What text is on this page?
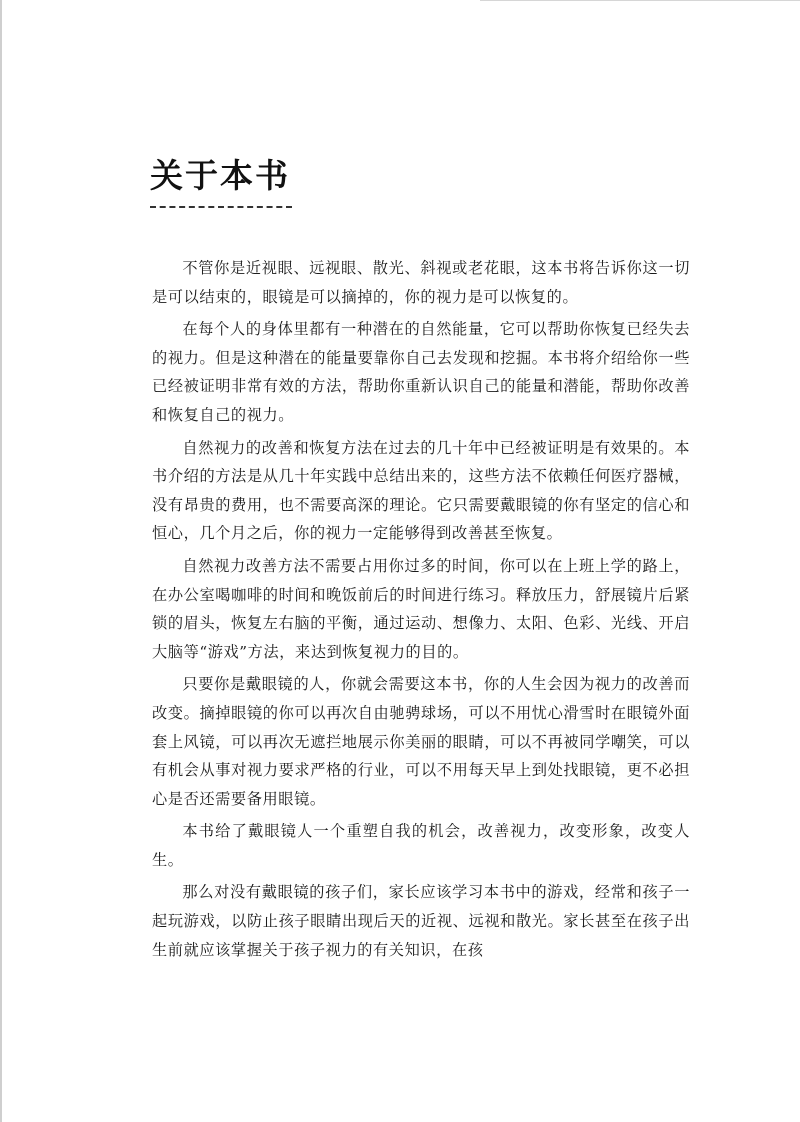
关于本书

不管你是近视眼、远视眼、散光、斜视或老花眼，这本书将告诉你这一切是可以结束的，眼镜是可以摘掉的，你的视力是可以恢复的。

在每个人的身体里都有一种潜在的自然能量，它可以帮助你恢复已经失去的视力。但是这种潜在的能量要靠你自己去发现和挖掘。本书将介绍给你一些已经被证明非常有效的方法，帮助你重新认识自己的能量和潜能，帮助你改善和恢复自己的视力。

自然视力的改善和恢复方法在过去的几十年中已经被证明是有效果的。本书介绍的方法是从几十年实践中总结出来的，这些方法不依赖任何医疗器械，没有昂贵的费用，也不需要高深的理论。它只需要戴眼镜的你有坚定的信心和恒心，几个月之后，你的视力一定能够得到改善甚至恢复。

自然视力改善方法不需要占用你过多的时间，你可以在上班上学的路上，在办公室喝咖啡的时间和晚饭前后的时间进行练习。释放压力，舒展镜片后紧锁的眉头，恢复左右脑的平衡，通过运动、想像力、太阳、色彩、光线、开启大脑等“游戏”方法，来达到恢复视力的目的。

只要你是戴眼镜的人，你就会需要这本书，你的人生会因为视力的改善而改变。摘掉眼镜的你可以再次自由驰骋球场，可以不用忧心滑雪时在眼镜外面套上风镜，可以再次无遮拦地展示你美丽的眼睛，可以不再被同学嘲笑，可以有机会从事对视力要求严格的行业，可以不用每天早上到处找眼镜，更不必担心是否还需要备用眼镜。

本书给了戴眼镜人一个重塑自我的机会，改善视力，改变形象，改变人生。

那么对没有戴眼镜的孩子们，家长应该学习本书中的游戏，经常和孩子一起玩游戏，以防止孩子眼睛出现后天的近视、远视和散光。家长甚至在孩子出生前就应该掌握关于孩子视力的有关知识，在孩
